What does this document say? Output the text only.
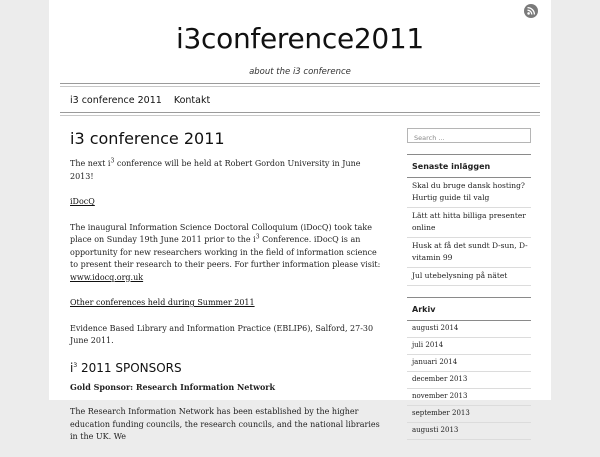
i3conference2011
about the i3 conference
i3 conference 2011 Kontakt
i3 conference 2011

The next $i^3$ conference will be held at Robert Gordon University in June 2013!

iDocQ

The inaugural Information Science Doctoral Colloquium (iDocQ) took take place on Sunday 19th June 2011 prior to the $i^3$ Conference. iDocQ is an opportunity for new researchers working in the field of information science to present their research to their peers. For further information please visit: www.idocq.org.uk

Other conferences held during Summer 2011

Evidence Based Library and Information Practice (EBLIP6), Salford, 27-30 June 2011.

$i^3$ 2011 SPONSORS

Gold Sponsor: Research Information Network

The Research Information Network has been established by the higher education funding councils, the research councils, and the national libraries in the UK. We

Search ...
Senaste inläggen
Skal du bruge dansk hosting? Hurtig guide til valg
Lätt att hitta billiga presenter online
Husk at få det sundt D-sun, D-vitamin 99
Jul utebelysning på nätet
Arkiv
augusti 2014
juli 2014
januari 2014
december 2013
november 2013
september 2013
augusti 2013
